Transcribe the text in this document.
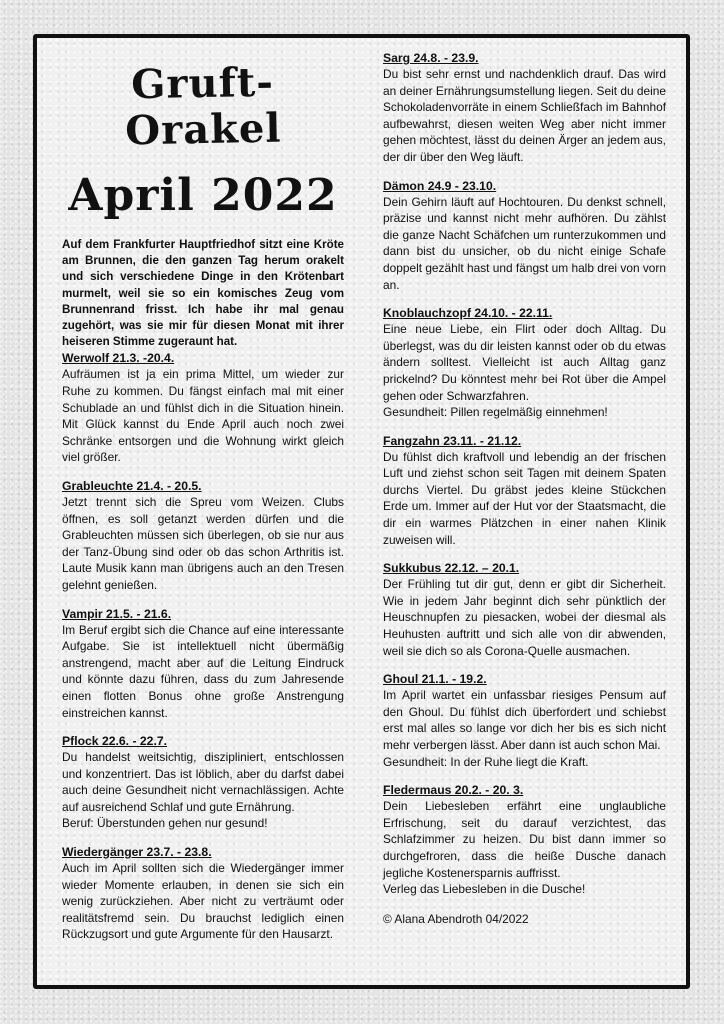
Gruft-Orakel
April 2022
Auf dem Frankfurter Hauptfriedhof sitzt eine Kröte am Brunnen, die den ganzen Tag herum orakelt und sich verschiedene Dinge in den Krötenbart murmelt, weil sie so ein komisches Zeug vom Brunnenrand frisst. Ich habe ihr mal genau zugehört, was sie mir für diesen Monat mit ihrer heiseren Stimme zugeraunt hat.
Werwolf 21.3. -20.4.

Aufräumen ist ja ein prima Mittel, um wieder zur Ruhe zu kommen. Du fängst einfach mal mit einer Schublade an und fühlst dich in die Situation hinein. Mit Glück kannst du Ende April auch noch zwei Schränke entsorgen und die Wohnung wirkt gleich viel größer.

Grableuchte 21.4. - 20.5.

Jetzt trennt sich die Spreu vom Weizen. Clubs öffnen, es soll getanzt werden dürfen und die Grableuchten müssen sich überlegen, ob sie nur aus der Tanz-Übung sind oder ob das schon Arthritis ist. Laute Musik kann man übrigens auch an den Tresen gelehnt genießen.

Vampir 21.5. - 21.6.

Im Beruf ergibt sich die Chance auf eine interessante Aufgabe. Sie ist intellektuell nicht übermäßig anstrengend, macht aber auf die Leitung Eindruck und könnte dazu führen, dass du zum Jahresende einen flotten Bonus ohne große Anstrengung einstreichen kannst.

Pflock 22.6. - 22.7.

Du handelst weitsichtig, diszipliniert, entschlossen und konzentriert. Das ist löblich, aber du darfst dabei auch deine Gesundheit nicht vernachlässigen. Achte auf ausreichend Schlaf und gute Ernährung.

Beruf: Überstunden gehen nur gesund!

Wiedergänger 23.7. - 23.8.

Auch im April sollten sich die Wiedergänger immer wieder Momente erlauben, in denen sie sich ein wenig zurückziehen. Aber nicht zu verträumt oder realitätsfremd sein. Du brauchst lediglich einen Rückzugsort und gute Argumente für den Hausarzt.

Sarg 24.8. - 23.9.

Du bist sehr ernst und nachdenklich drauf. Das wird an deiner Ernährungsumstellung liegen. Seit du deine Schokoladenvorräte in einem Schließfach im Bahnhof aufbewahrst, diesen weiten Weg aber nicht immer gehen möchtest, lässt du deinen Ärger an jedem aus, der dir über den Weg läuft.

Dämon 24.9 - 23.10.

Dein Gehirn läuft auf Hochtouren. Du denkst schnell, präzise und kannst nicht mehr aufhören. Du zählst die ganze Nacht Schäfchen um runterzukommen und dann bist du unsicher, ob du nicht einige Schafe doppelt gezählt hast und fängst um halb drei von vorn an.

Knoblauchzopf 24.10. - 22.11.

Eine neue Liebe, ein Flirt oder doch Alltag. Du überlegst, was du dir leisten kannst oder ob du etwas ändern solltest. Vielleicht ist auch Alltag ganz prickelnd? Du könntest mehr bei Rot über die Ampel gehen oder Schwarzfahren.

Gesundheit: Pillen regelmäßig einnehmen!

Fangzahn 23.11. - 21.12.

Du fühlst dich kraftvoll und lebendig an der frischen Luft und ziehst schon seit Tagen mit deinem Spaten durchs Viertel. Du gräbst jedes kleine Stückchen Erde um. Immer auf der Hut vor der Staatsmacht, die dir ein warmes Plätzchen in einer nahen Klinik zuweisen will.

Sukkubus 22.12. – 20.1.

Der Frühling tut dir gut, denn er gibt dir Sicherheit. Wie in jedem Jahr beginnt dich sehr pünktlich der Heuschnupfen zu piesacken, wobei der diesmal als Heuhusten auftritt und sich alle von dir abwenden, weil sie dich so als Corona-Quelle ausmachen.

Ghoul 21.1. - 19.2.

Im April wartet ein unfassbar riesiges Pensum auf den Ghoul. Du fühlst dich überfordert und schiebst erst mal alles so lange vor dich her bis es sich nicht mehr verbergen lässt. Aber dann ist auch schon Mai.

Gesundheit: In der Ruhe liegt die Kraft.

Fledermaus 20.2. - 20. 3.

Dein Liebesleben erfährt eine unglaubliche Erfrischung, seit du darauf verzichtest, das Schlafzimmer zu heizen. Du bist dann immer so durchgefroren, dass die heiße Dusche danach jegliche Kostenersparnis auffrisst.

Verleg das Liebesleben in die Dusche!

© Alana Abendroth 04/2022
